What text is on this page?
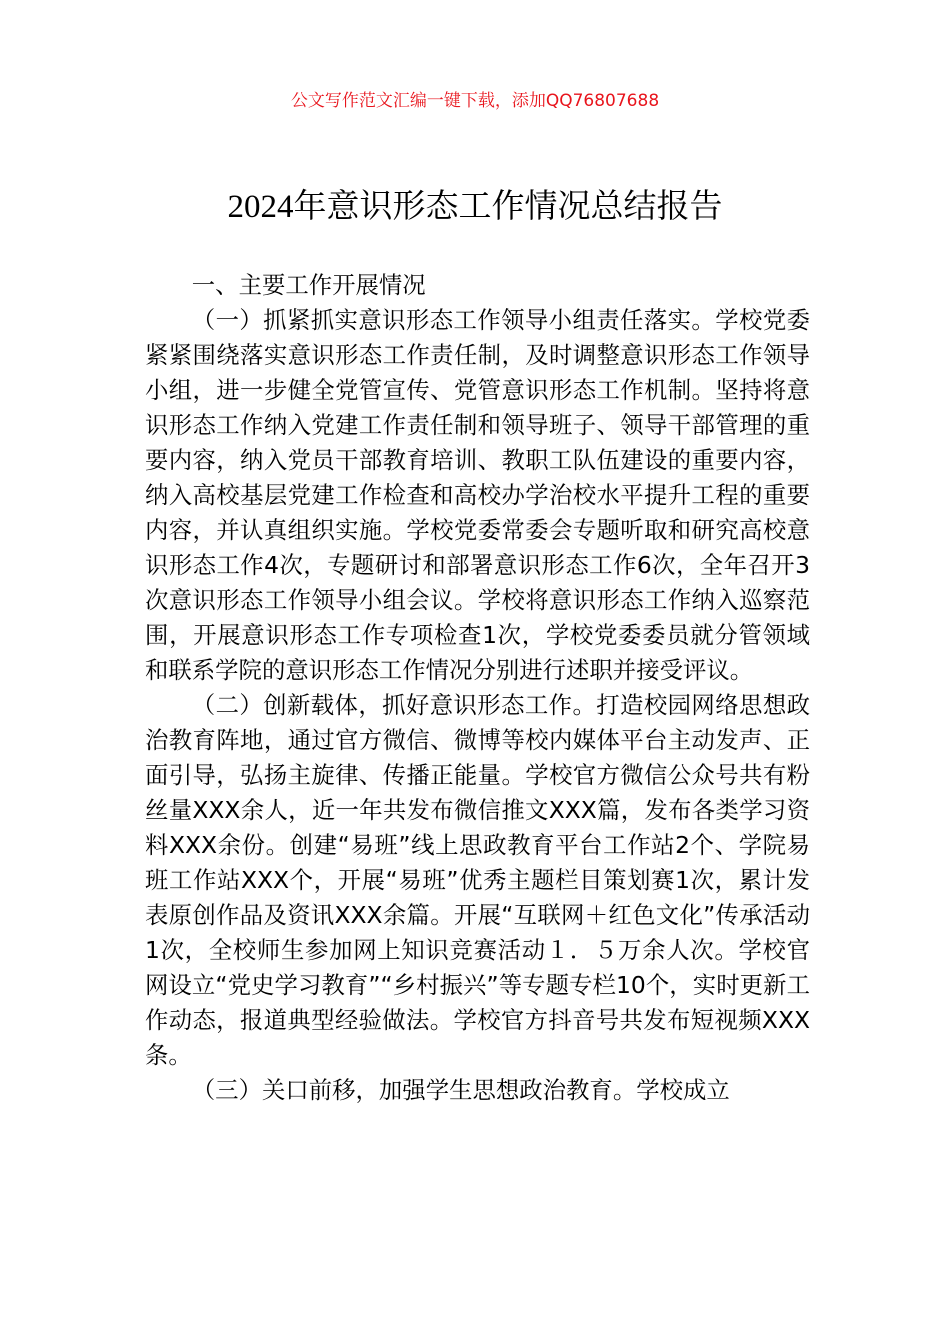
公文写作范文汇编一键下载，添加QQ76807688
2024年意识形态工作情况总结报告

一、主要工作开展情况

（一）抓紧抓实意识形态工作领导小组责任落实。学校党委紧紧围绕落实意识形态工作责任制，及时调整意识形态工作领导小组，进一步健全党管宣传、党管意识形态工作机制。坚持将意识形态工作纳入党建工作责任制和领导班子、领导干部管理的重要内容，纳入党员干部教育培训、教职工队伍建设的重要内容，纳入高校基层党建工作检查和高校办学治校水平提升工程的重要内容，并认真组织实施。学校党委常委会专题听取和研究高校意识形态工作4次，专题研讨和部署意识形态工作6次，全年召开3次意识形态工作领导小组会议。学校将意识形态工作纳入巡察范围，开展意识形态工作专项检查1次，学校党委委员就分管领域和联系学院的意识形态工作情况分别进行述职并接受评议。

（二）创新载体，抓好意识形态工作。打造校园网络思想政治教育阵地，通过官方微信、微博等校内媒体平台主动发声、正面引导，弘扬主旋律、传播正能量。学校官方微信公众号共有粉丝量XXX余人，近一年共发布微信推文XXX篇，发布各类学习资料XXX余份。创建“易班”线上思政教育平台工作站2个、学院易班工作站XXX个，开展“易班”优秀主题栏目策划赛1次，累计发表原创作品及资讯XXX余篇。开展“互联网＋红色文化”传承活动1次，全校师生参加网上知识竞赛活动１．５万余人次。学校官网设立“党史学习教育”“乡村振兴”等专题专栏10个，实时更新工作动态，报道典型经验做法。学校官方抖音号共发布短视频XXX条。

（三）关口前移，加强学生思想政治教育。学校成立
